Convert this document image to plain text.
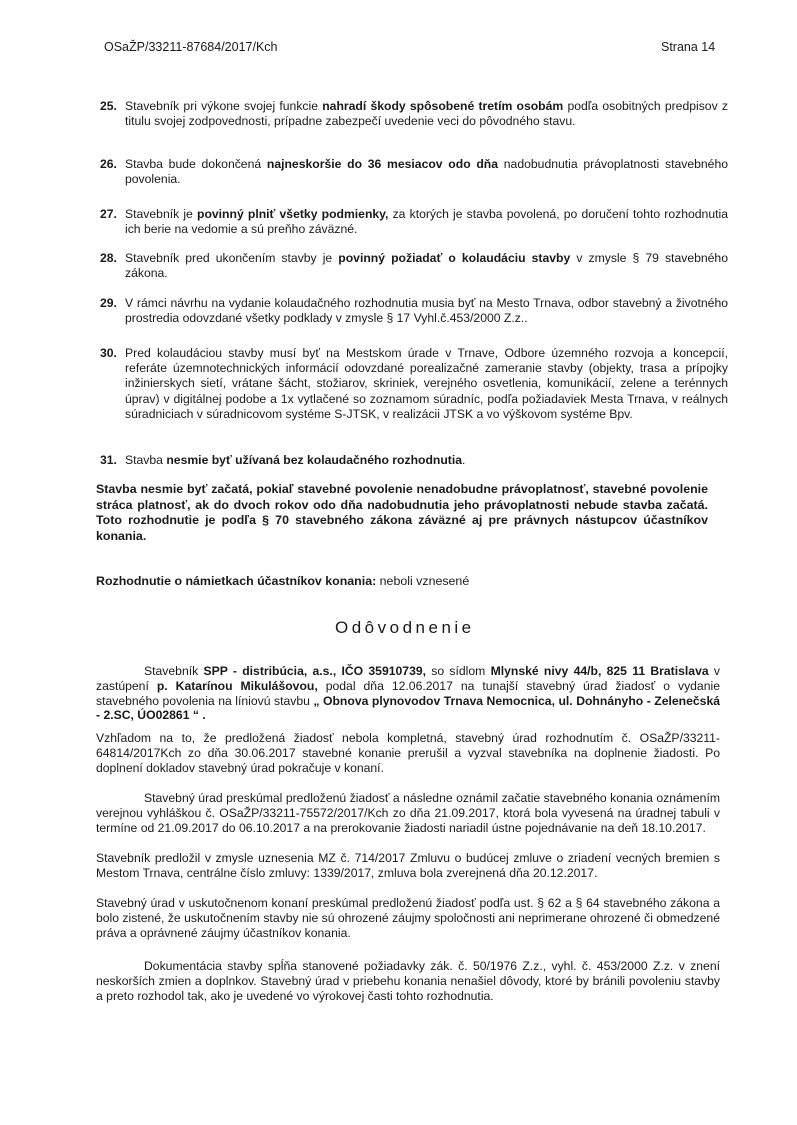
OSaŽP/33211-87684/2017/Kch	Strana 14
25. Stavebník pri výkone svojej funkcie nahradí škody spôsobené tretím osobám podľa osobitných predpisov z titulu svojej zodpovednosti, prípadne zabezpečí uvedenie veci do pôvodného stavu.
26. Stavba bude dokončená najneskoršie do 36 mesiacov odo dňa nadobudnutia právoplatnosti stavebného povolenia.
27. Stavebník je povinný plniť všetky podmienky, za ktorých je stavba povolená, po doručení tohto rozhodnutia ich berie na vedomie a sú preňho záväzné.
28. Stavebník pred ukončením stavby je povinný požiadať o kolaudáciu stavby v zmysle § 79 stavebného zákona.
29. V rámci návrhu na vydanie kolaudačného rozhodnutia musia byť na Mesto Trnava, odbor stavebný a životného prostredia odovzdané všetky podklady v zmysle § 17 Vyhl.č.453/2000 Z.z..
30. Pred kolaudáciou stavby musí byť na Mestskom úrade v Trnave, Odbore územného rozvoja a koncepcií, referáte územnotechnických informácií odovzdané porealizačné zameranie stavby (objekty, trasa a prípojky inžinierskych sietí, vrátane šácht, stožiarov, skriniek, verejného osvetlenia, komunikácií, zelene a terénnych úprav) v digitálnej podobe a 1x vytlačené so zoznamom súradníc, podľa požiadaviek Mesta Trnava, v reálnych súradniciach v súradnicovom systéme S-JTSK, v realizácii JTSK a vo výškovom systéme Bpv.
31. Stavba nesmie byť užívaná bez kolaudačného rozhodnutia.
Stavba nesmie byť začatá, pokiaľ stavebné povolenie nenadobudne právoplatnosť, stavebné povolenie stráca platnosť, ak do dvoch rokov odo dňa nadobudnutia jeho právoplatnosti nebude stavba začatá. Toto rozhodnutie je podľa § 70 stavebného zákona záväzné aj pre právnych nástupcov účastníkov konania.
Rozhodnutie o námietkach účastníkov konania: neboli vznesené
Odôvodnenie
Stavebník SPP - distribúcia, a.s., IČO 35910739, so sídlom Mlynské nivy 44/b, 825 11 Bratislava v zastúpení p. Katarínou Mikulášovou, podal dňa 12.06.2017 na tunajší stavebný úrad žiadosť o vydanie stavebného povolenia na líniovú stavbu „ Obnova plynovodov Trnava Nemocnica, ul. Dohnányho - Zelenečská - 2.SC, ÚO02861 “ .
Vzhľadom na to, že predložená žiadosť nebola kompletná, stavebný úrad rozhodnutím č. OSaŽP/33211-64814/2017Kch zo dňa 30.06.2017 stavebné konanie prerušil a vyzval stavebníka na doplnenie žiadosti. Po doplnení dokladov stavebný úrad pokračuje v konaní.
Stavebný úrad preskúmal predloženú žiadosť a následne oznámil začatie stavebného konania oznámením verejnou vyhláškou č. OSaŽP/33211-75572/2017/Kch zo dňa 21.09.2017, ktorá bola vyvesená na úradnej tabuli v termíne od 21.09.2017 do 06.10.2017 a na prerokovanie žiadosti nariadil ústne pojednávanie na deň 18.10.2017.
Stavebník predložil v zmysle uznesenia MZ č. 714/2017 Zmluvu o budúcej zmluve o zriadení vecných bremien s Mestom Trnava, centrálne číslo zmluvy: 1339/2017, zmluva bola zverejnená dňa 20.12.2017.
Stavebný úrad v uskutočnenom konaní preskúmal predloženú žiadosť podľa ust. § 62 a § 64 stavebného zákona a bolo zistené, že uskutočnením stavby nie sú ohrozené záujmy spoločnosti ani neprimerane ohrozené či obmedzené práva a oprávnené záujmy účastníkov konania.
Dokumentácia stavby spĺňa stanovené požiadavky zák. č. 50/1976 Z.z., vyhl. č. 453/2000 Z.z. v znení neskorších zmien a doplnkov. Stavebný úrad v priebehu konania nenašiel dôvody, ktoré by bránili povoleniu stavby a preto rozhodol tak, ako je uvedené vo výrokovej časti tohto rozhodnutia.
